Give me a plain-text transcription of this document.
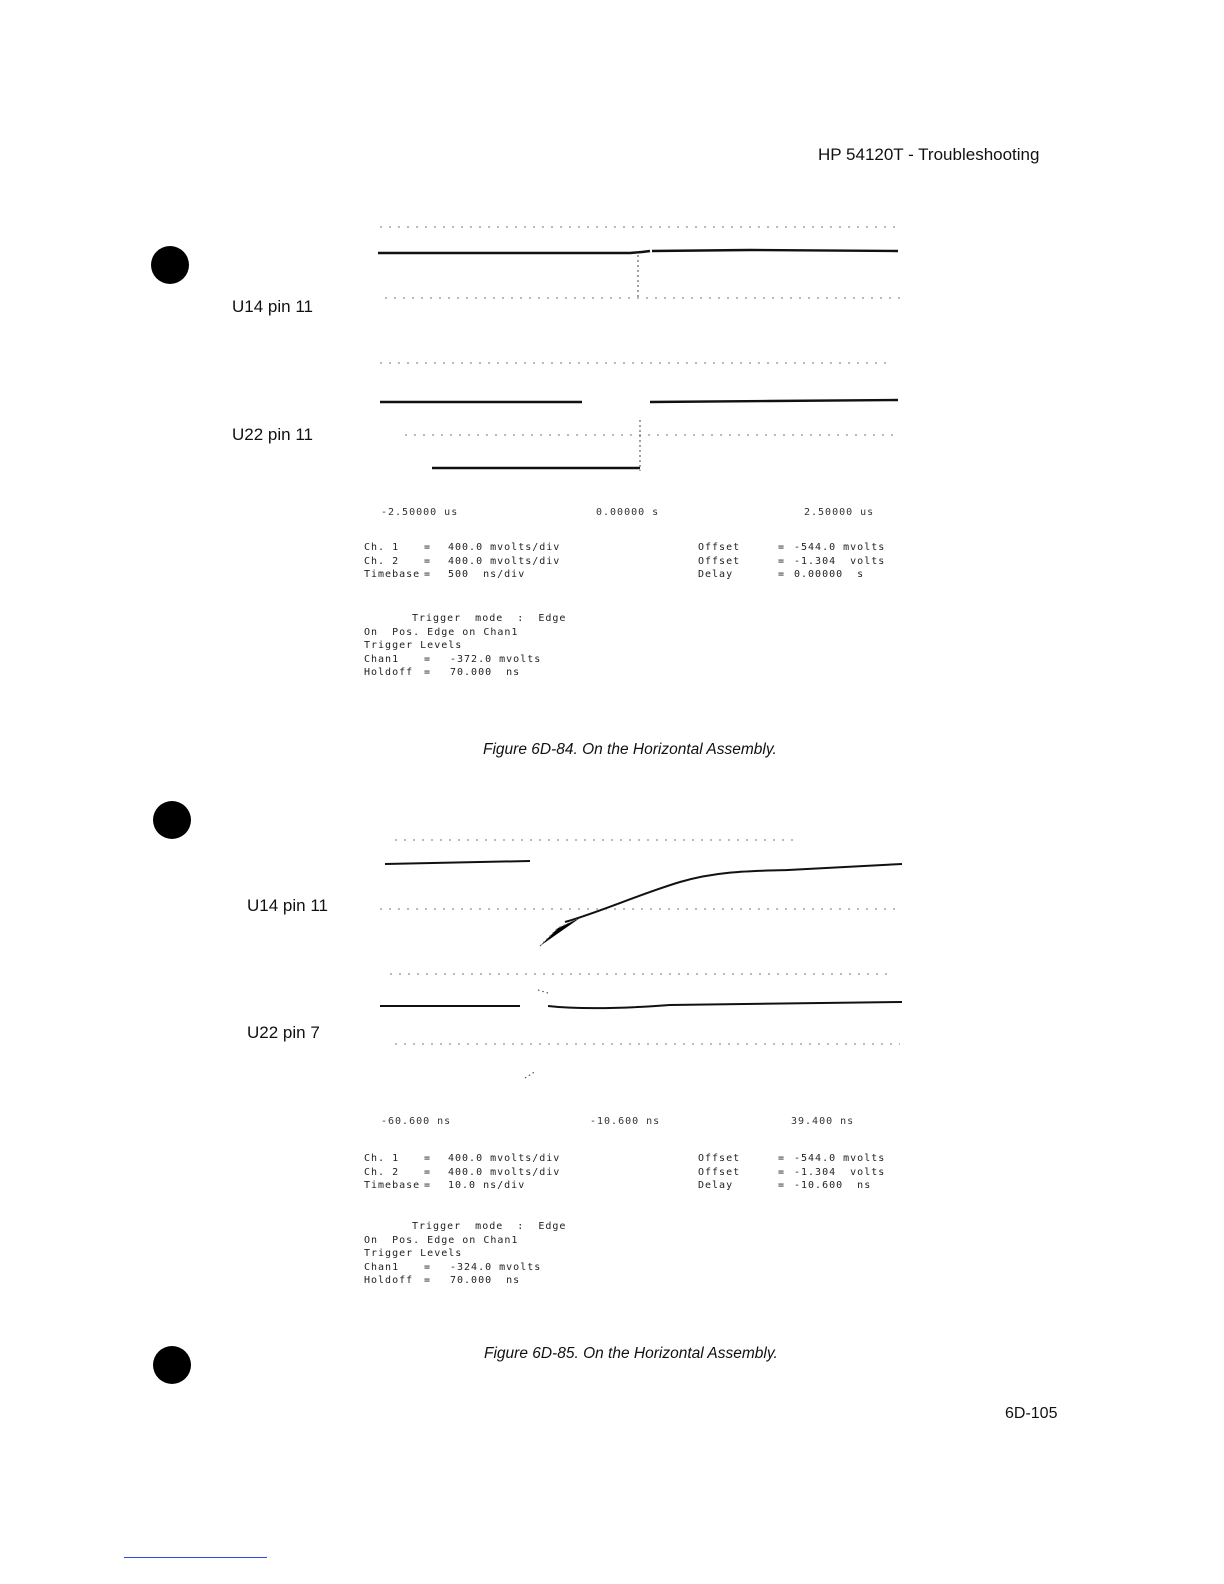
HP 54120T - Troubleshooting
U14 pin 11
U22 pin 11
-2.50000 us	0.00000 s	2.50000 us
Ch. 1 = 400.0 mvolts/div	Offset	= -544.0 mvolts
Ch. 2 = 400.0 mvolts/div	Offset	= -1.304  volts
Timebase = 500  ns/div	Delay	= 0.00000  s
Trigger  mode  :  Edge
On  Pos. Edge on Chan1
Trigger Levels
Chan1 = -372.0 mvolts
Holdoff = 70.000  ns
Figure 6D-84. On the Horizontal Assembly.
U14 pin 11
U22 pin 7
-60.600 ns	-10.600 ns	39.400 ns
Ch. 1 = 400.0 mvolts/div	Offset	= -544.0 mvolts
Ch. 2 = 400.0 mvolts/div	Offset	= -1.304  volts
Timebase = 10.0 ns/div	Delay	= -10.600  ns
Trigger  mode  :  Edge
On  Pos. Edge on Chan1
Trigger Levels
Chan1 = -324.0 mvolts
Holdoff = 70.000  ns
Figure 6D-85. On the Horizontal Assembly.
6D-105
